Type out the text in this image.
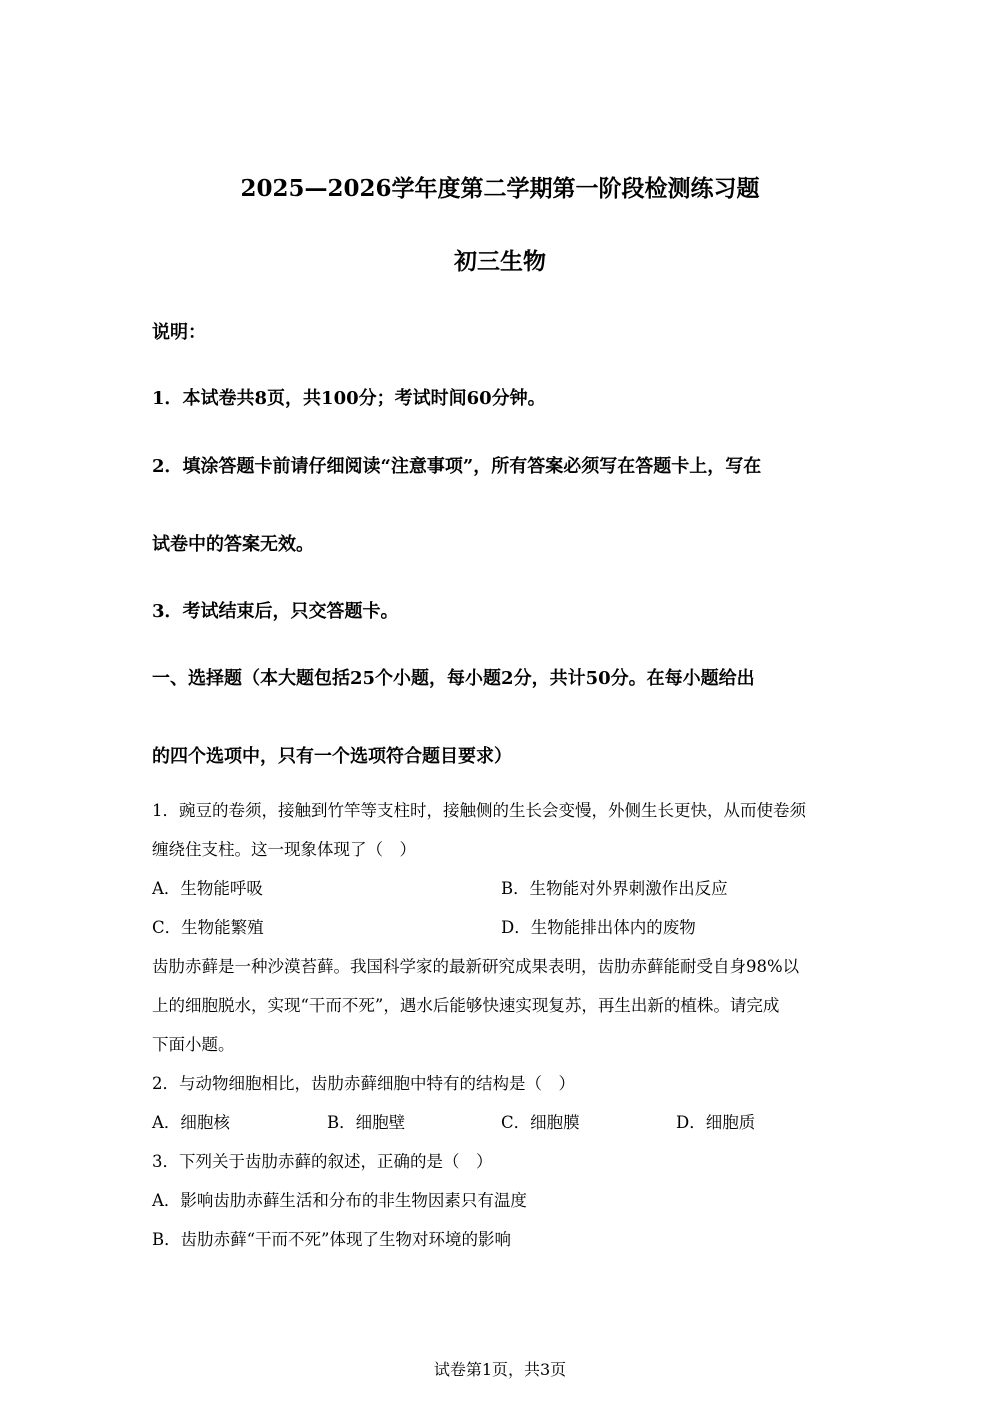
2025—2026学年度第二学期第一阶段检测练习题
初三生物
说明：
1．本试卷共8页，共100分；考试时间60分钟。
2．填涂答题卡前请仔细阅读“注意事项”，所有答案必须写在答题卡上，写在
试卷中的答案无效。
3．考试结束后，只交答题卡。
一、选择题（本大题包括25个小题，每小题2分，共计50分。在每小题给出
的四个选项中，只有一个选项符合题目要求）
1．豌豆的卷须，接触到竹竿等支柱时，接触侧的生长会变慢，外侧生长更快，从而使卷须
缠绕住支柱。这一现象体现了（　）
A．生物能呼吸	B．生物能对外界刺激作出反应
C．生物能繁殖	D．生物能排出体内的废物
齿肋赤藓是一种沙漠苔藓。我国科学家的最新研究成果表明，齿肋赤藓能耐受自身98%以
上的细胞脱水，实现“干而不死”，遇水后能够快速实现复苏，再生出新的植株。请完成
下面小题。
2．与动物细胞相比，齿肋赤藓细胞中特有的结构是（　）
A．细胞核	B．细胞壁	C．细胞膜	D．细胞质
3．下列关于齿肋赤藓的叙述，正确的是（　）
A．影响齿肋赤藓生活和分布的非生物因素只有温度
B．齿肋赤藓“干而不死”体现了生物对环境的影响
试卷第1页，共3页
